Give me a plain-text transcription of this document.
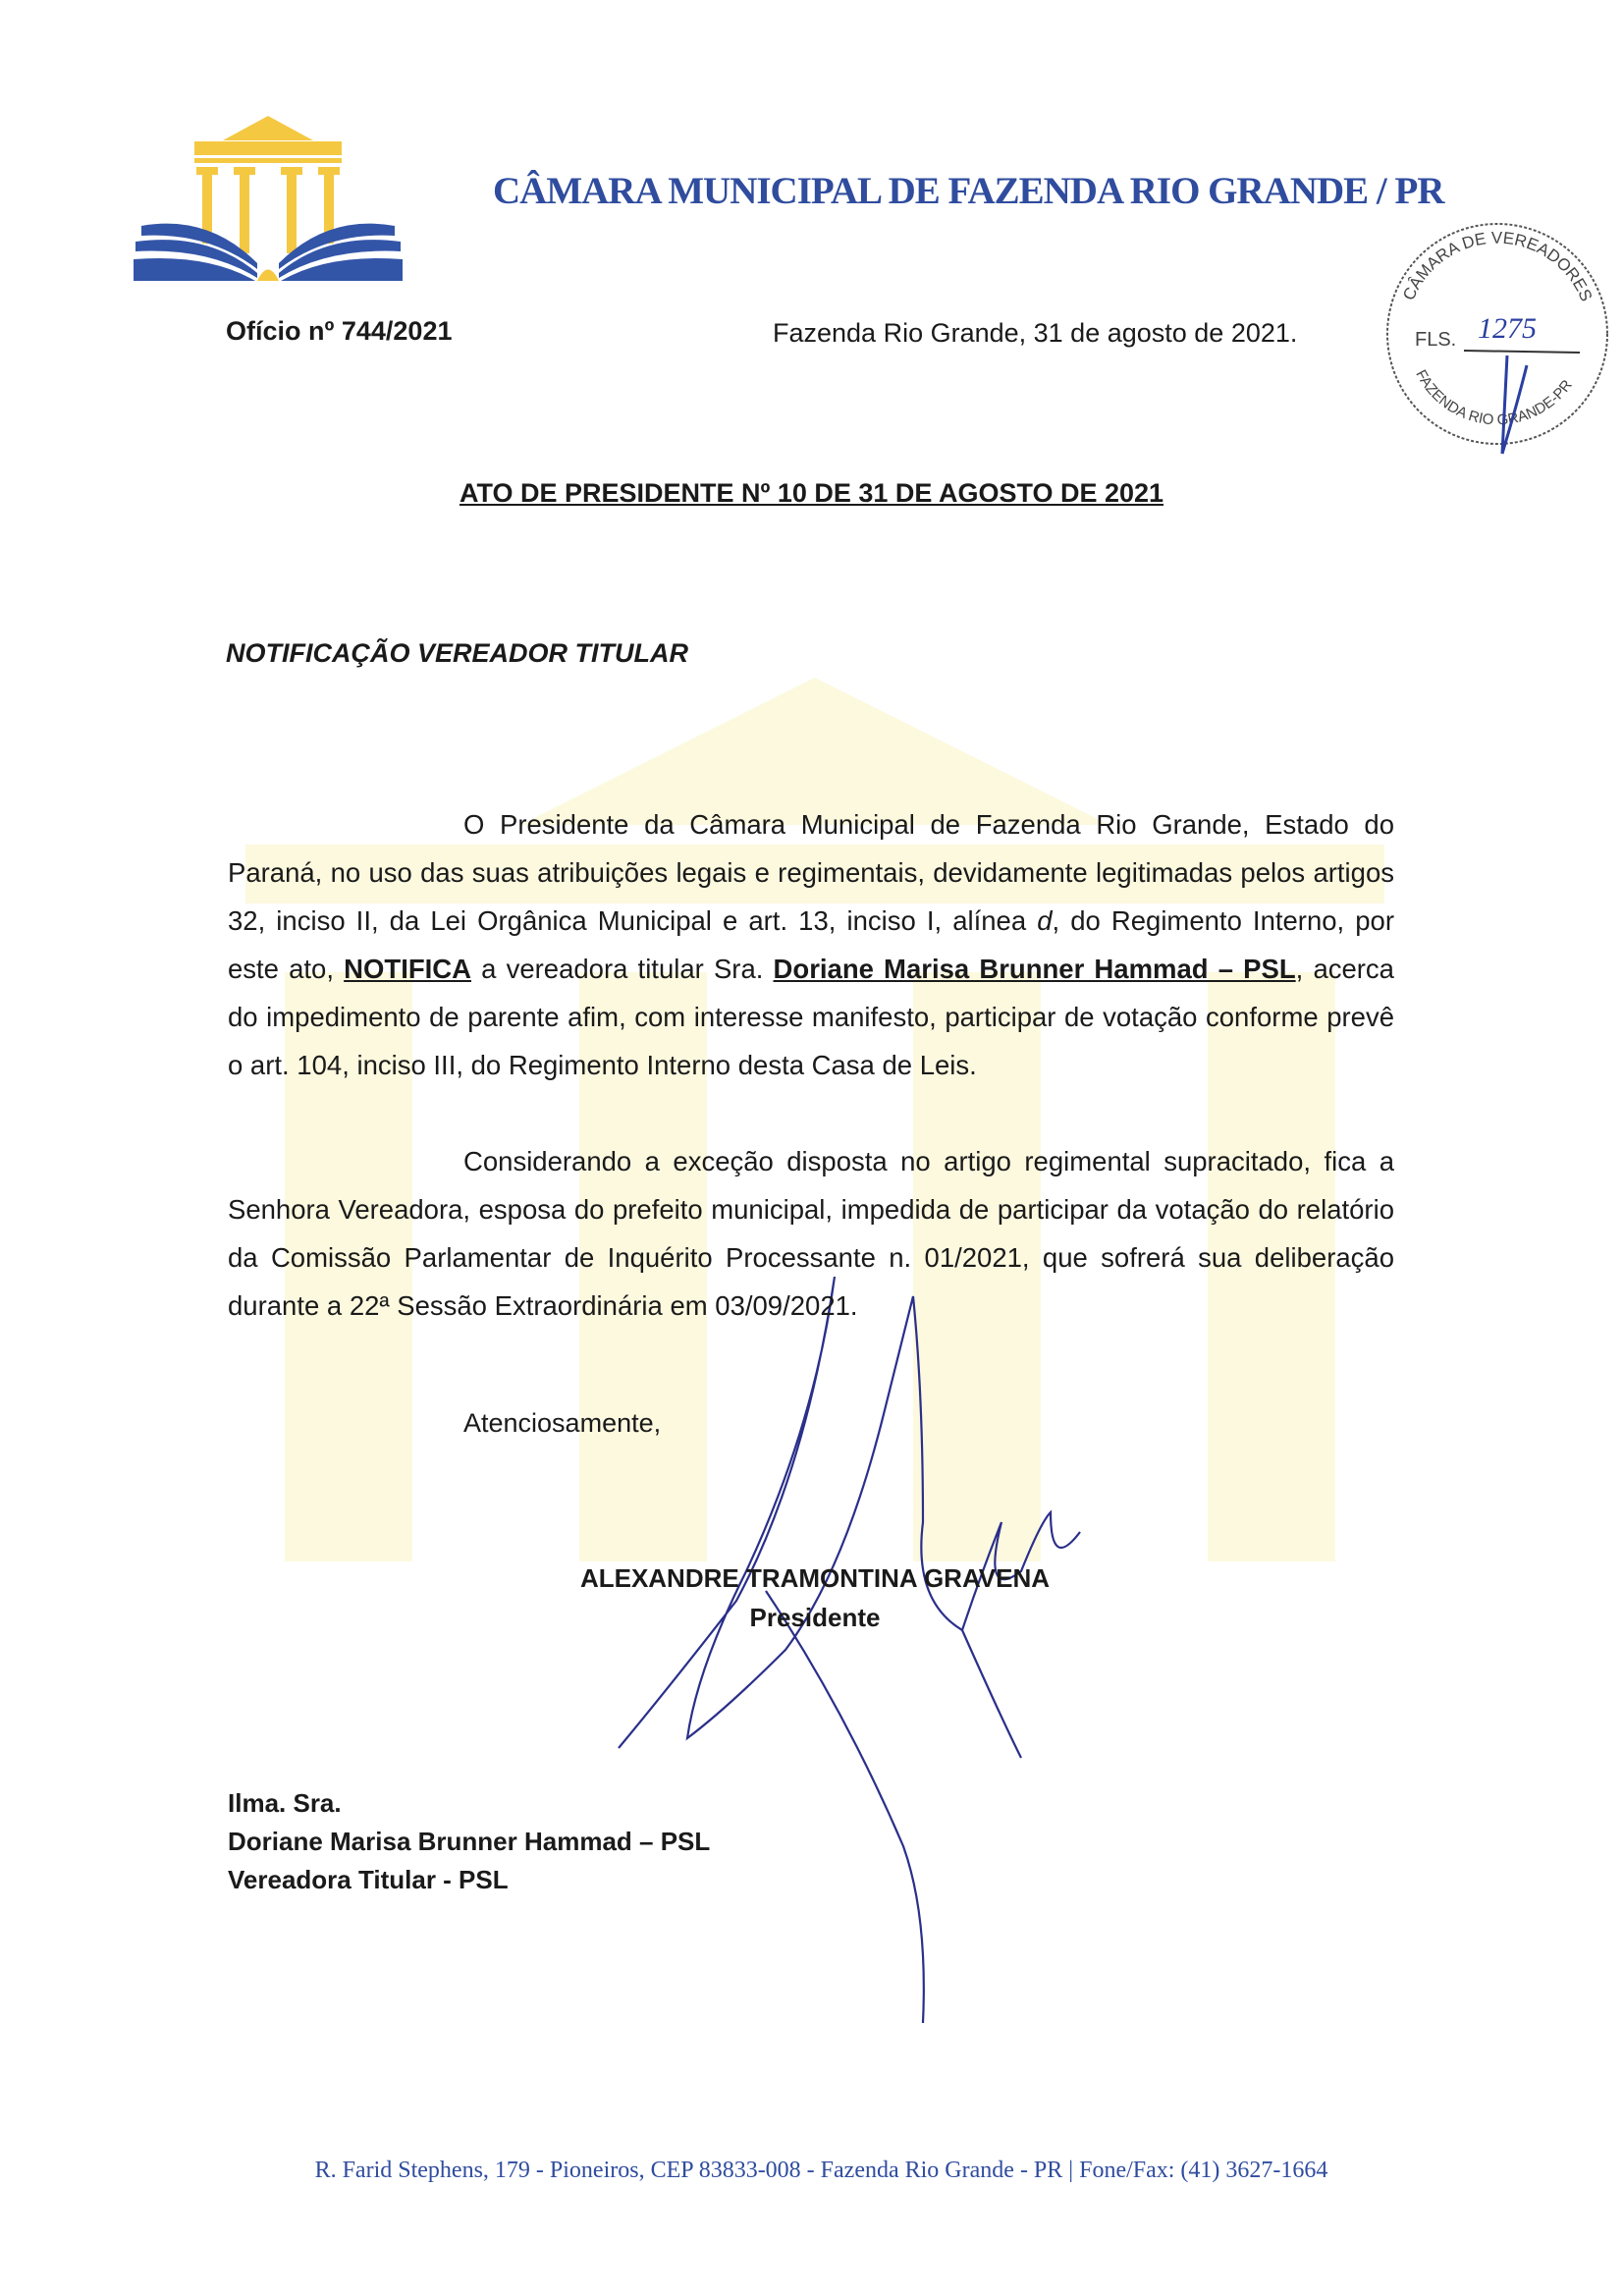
CÂMARA MUNICIPAL DE FAZENDA RIO GRANDE / PR
CÂMARA DE VEREADORES
FAZENDA RIO GRANDE-PR
FLS. 1275
Ofício nº 744/2021	Fazenda Rio Grande, 31 de agosto de 2021.
ATO DE PRESIDENTE Nº 10 DE 31 DE AGOSTO DE 2021
NOTIFICAÇÃO VEREADOR TITULAR

O Presidente da Câmara Municipal de Fazenda Rio Grande, Estado do Paraná, no uso das suas atribuições legais e regimentais, devidamente legitimadas pelos artigos 32, inciso II, da Lei Orgânica Municipal e art. 13, inciso I, alínea d, do Regimento Interno, por este ato, NOTIFICA a vereadora titular Sra. Doriane Marisa Brunner Hammad – PSL, acerca do impedimento de parente afim, com interesse manifesto, participar de votação conforme prevê o art. 104, inciso III, do Regimento Interno desta Casa de Leis.

Considerando a exceção disposta no artigo regimental supracitado, fica a Senhora Vereadora, esposa do prefeito municipal, impedida de participar da votação do relatório da Comissão Parlamentar de Inquérito Processante n. 01/2021, que sofrerá sua deliberação durante a 22ª Sessão Extraordinária em 03/09/2021.

Atenciosamente,
ALEXANDRE TRAMONTINA GRAVENA
Presidente
Ilma. Sra.
Doriane Marisa Brunner Hammad – PSL
Vereadora Titular - PSL
R. Farid Stephens, 179 - Pioneiros, CEP 83833-008 - Fazenda Rio Grande - PR | Fone/Fax: (41) 3627-1664
